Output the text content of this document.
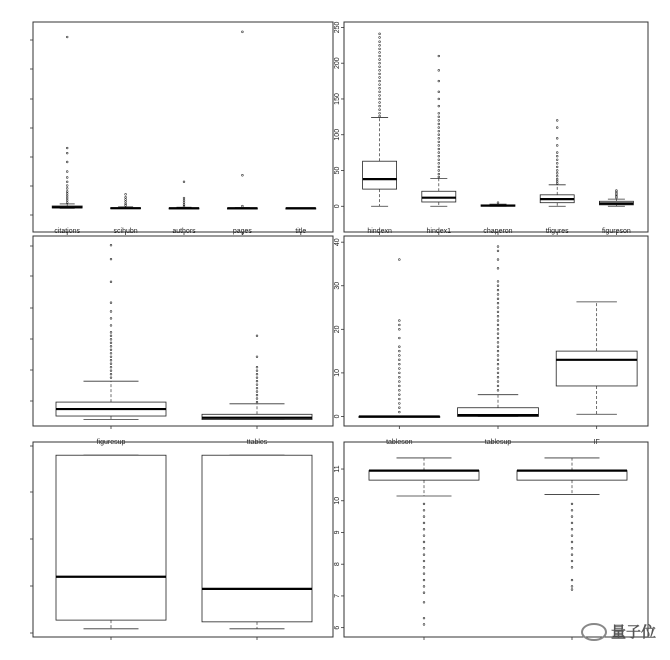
citations	scihubn	authors	pages	title
0
50
100
150
200
250
hindexn	hindex1	chaperon	tfigures	figureson
figuresup	ttables
0
10
20
30
40
tableson	tablesup	IF
6
7
8
9
10
11
量子位
